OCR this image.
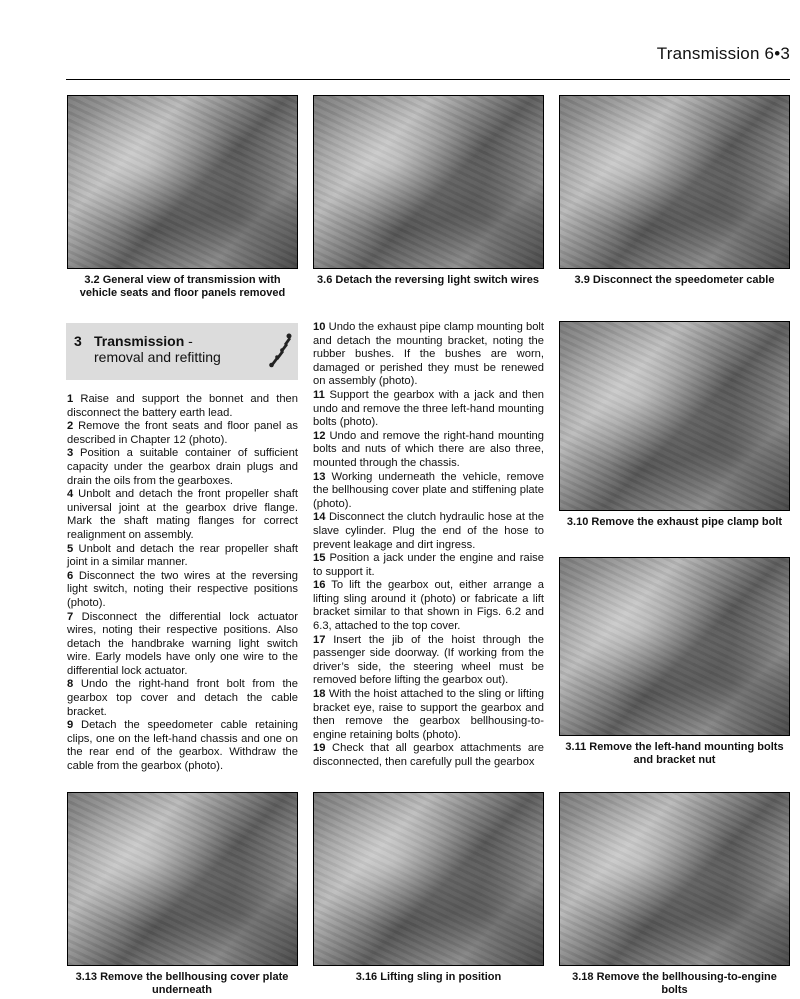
Transmission 6•3
3.2 General view of transmission with
vehicle seats and floor panels removed
3.6 Detach the reversing light switch wires	3.9 Disconnect the speedometer cable
3.10 Remove the exhaust pipe clamp bolt
3.11 Remove the left-hand mounting bolts
and bracket nut
3.13 Remove the bellhousing cover plate
underneath
3.16 Lifting sling in position	3.18 Remove the bellhousing-to-engine
bolts
3 Transmission -
removal and refitting

1 Raise and support the bonnet and then disconnect the battery earth lead.

2 Remove the front seats and floor panel as described in Chapter 12 (photo).

3 Position a suitable container of sufficient capacity under the gearbox drain plugs and drain the oils from the gearboxes.

4 Unbolt and detach the front propeller shaft universal joint at the gearbox drive flange. Mark the shaft mating flanges for correct realignment on assembly.

5 Unbolt and detach the rear propeller shaft joint in a similar manner.

6 Disconnect the two wires at the reversing light switch, noting their respective positions (photo).

7 Disconnect the differential lock actuator wires, noting their respective positions. Also detach the handbrake warning light switch wire. Early models have only one wire to the differential lock actuator.

8 Undo the right-hand front bolt from the gearbox top cover and detach the cable bracket.

9 Detach the speedometer cable retaining clips, one on the left-hand chassis and one on the rear end of the gearbox. Withdraw the cable from the gearbox (photo).

10 Undo the exhaust pipe clamp mounting bolt and detach the mounting bracket, noting the rubber bushes. If the bushes are worn, damaged or perished they must be renewed on assembly (photo).

11 Support the gearbox with a jack and then undo and remove the three left-hand mounting bolts (photo).

12 Undo and remove the right-hand mounting bolts and nuts of which there are also three, mounted through the chassis.

13 Working underneath the vehicle, remove the bellhousing cover plate and stiffening plate (photo).

14 Disconnect the clutch hydraulic hose at the slave cylinder. Plug the end of the hose to prevent leakage and dirt ingress.

15 Position a jack under the engine and raise to support it.

16 To lift the gearbox out, either arrange a lifting sling around it (photo) or fabricate a lift bracket similar to that shown in Figs. 6.2 and 6.3, attached to the top cover.

17 Insert the jib of the hoist through the passenger side doorway. (If working from the driver’s side, the steering wheel must be removed before lifting the gearbox out).

18 With the hoist attached to the sling or lifting bracket eye, raise to support the gearbox and then remove the gearbox bellhousing-to-engine retaining bolts (photo).

19 Check that all gearbox attachments are disconnected, then carefully pull the gearbox
